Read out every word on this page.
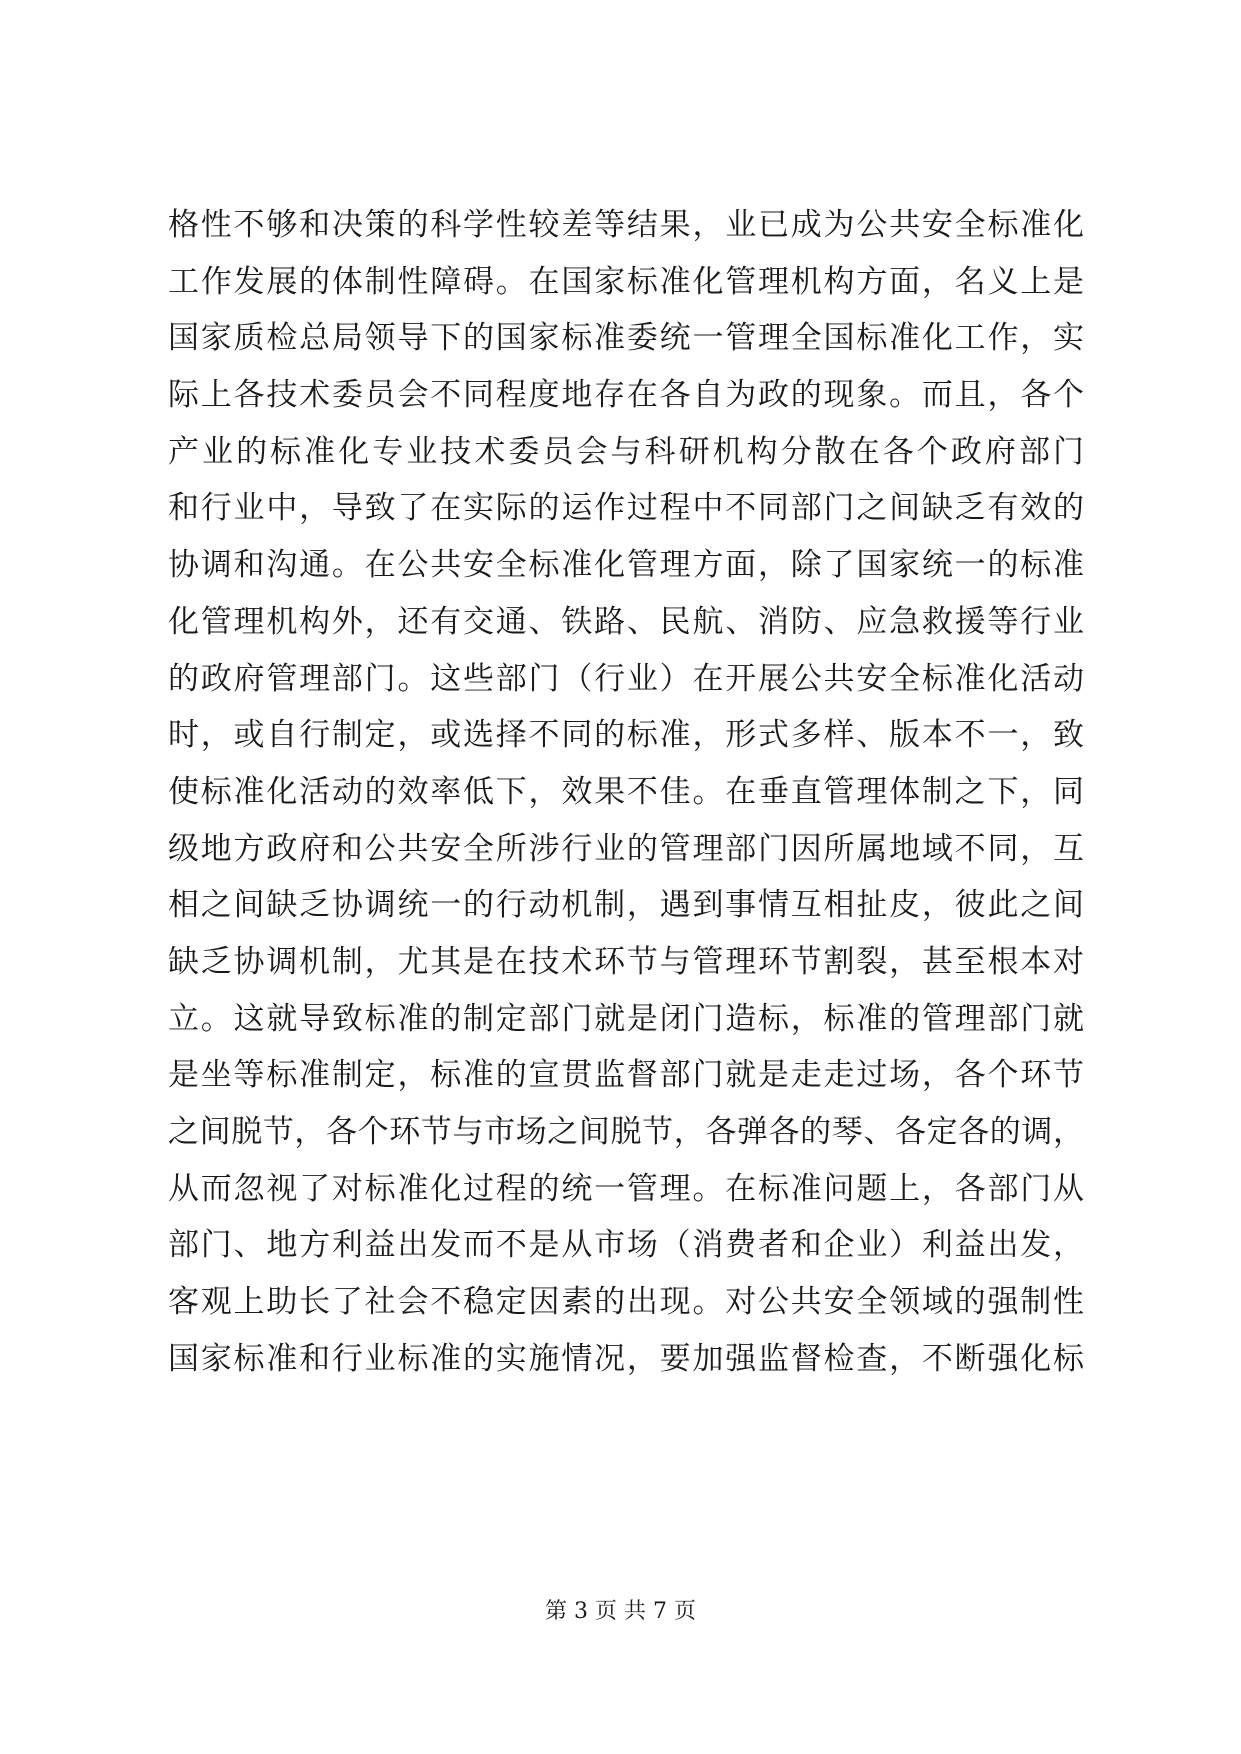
格性不够和决策的科学性较差等结果，业已成为公共安全标准化
工作发展的体制性障碍。在国家标准化管理机构方面，名义上是
国家质检总局领导下的国家标准委统一管理全国标准化工作，实
际上各技术委员会不同程度地存在各自为政的现象。而且，各个
产业的标准化专业技术委员会与科研机构分散在各个政府部门
和行业中，导致了在实际的运作过程中不同部门之间缺乏有效的
协调和沟通。在公共安全标准化管理方面，除了国家统一的标准
化管理机构外，还有交通、铁路、民航、消防、应急救援等行业
的政府管理部门。这些部门（行业）在开展公共安全标准化活动
时，或自行制定，或选择不同的标准，形式多样、版本不一，致
使标准化活动的效率低下，效果不佳。在垂直管理体制之下，同
级地方政府和公共安全所涉行业的管理部门因所属地域不同，互
相之间缺乏协调统一的行动机制，遇到事情互相扯皮，彼此之间
缺乏协调机制，尤其是在技术环节与管理环节割裂，甚至根本对
立。这就导致标准的制定部门就是闭门造标，标准的管理部门就
是坐等标准制定，标准的宣贯监督部门就是走走过场，各个环节
之间脱节，各个环节与市场之间脱节，各弹各的琴、各定各的调，
从而忽视了对标准化过程的统一管理。在标准问题上，各部门从
部门、地方利益出发而不是从市场（消费者和企业）利益出发，
客观上助长了社会不稳定因素的出现。对公共安全领域的强制性
国家标准和行业标准的实施情况，要加强监督检查，不断强化标
第 3 页 共 7 页
